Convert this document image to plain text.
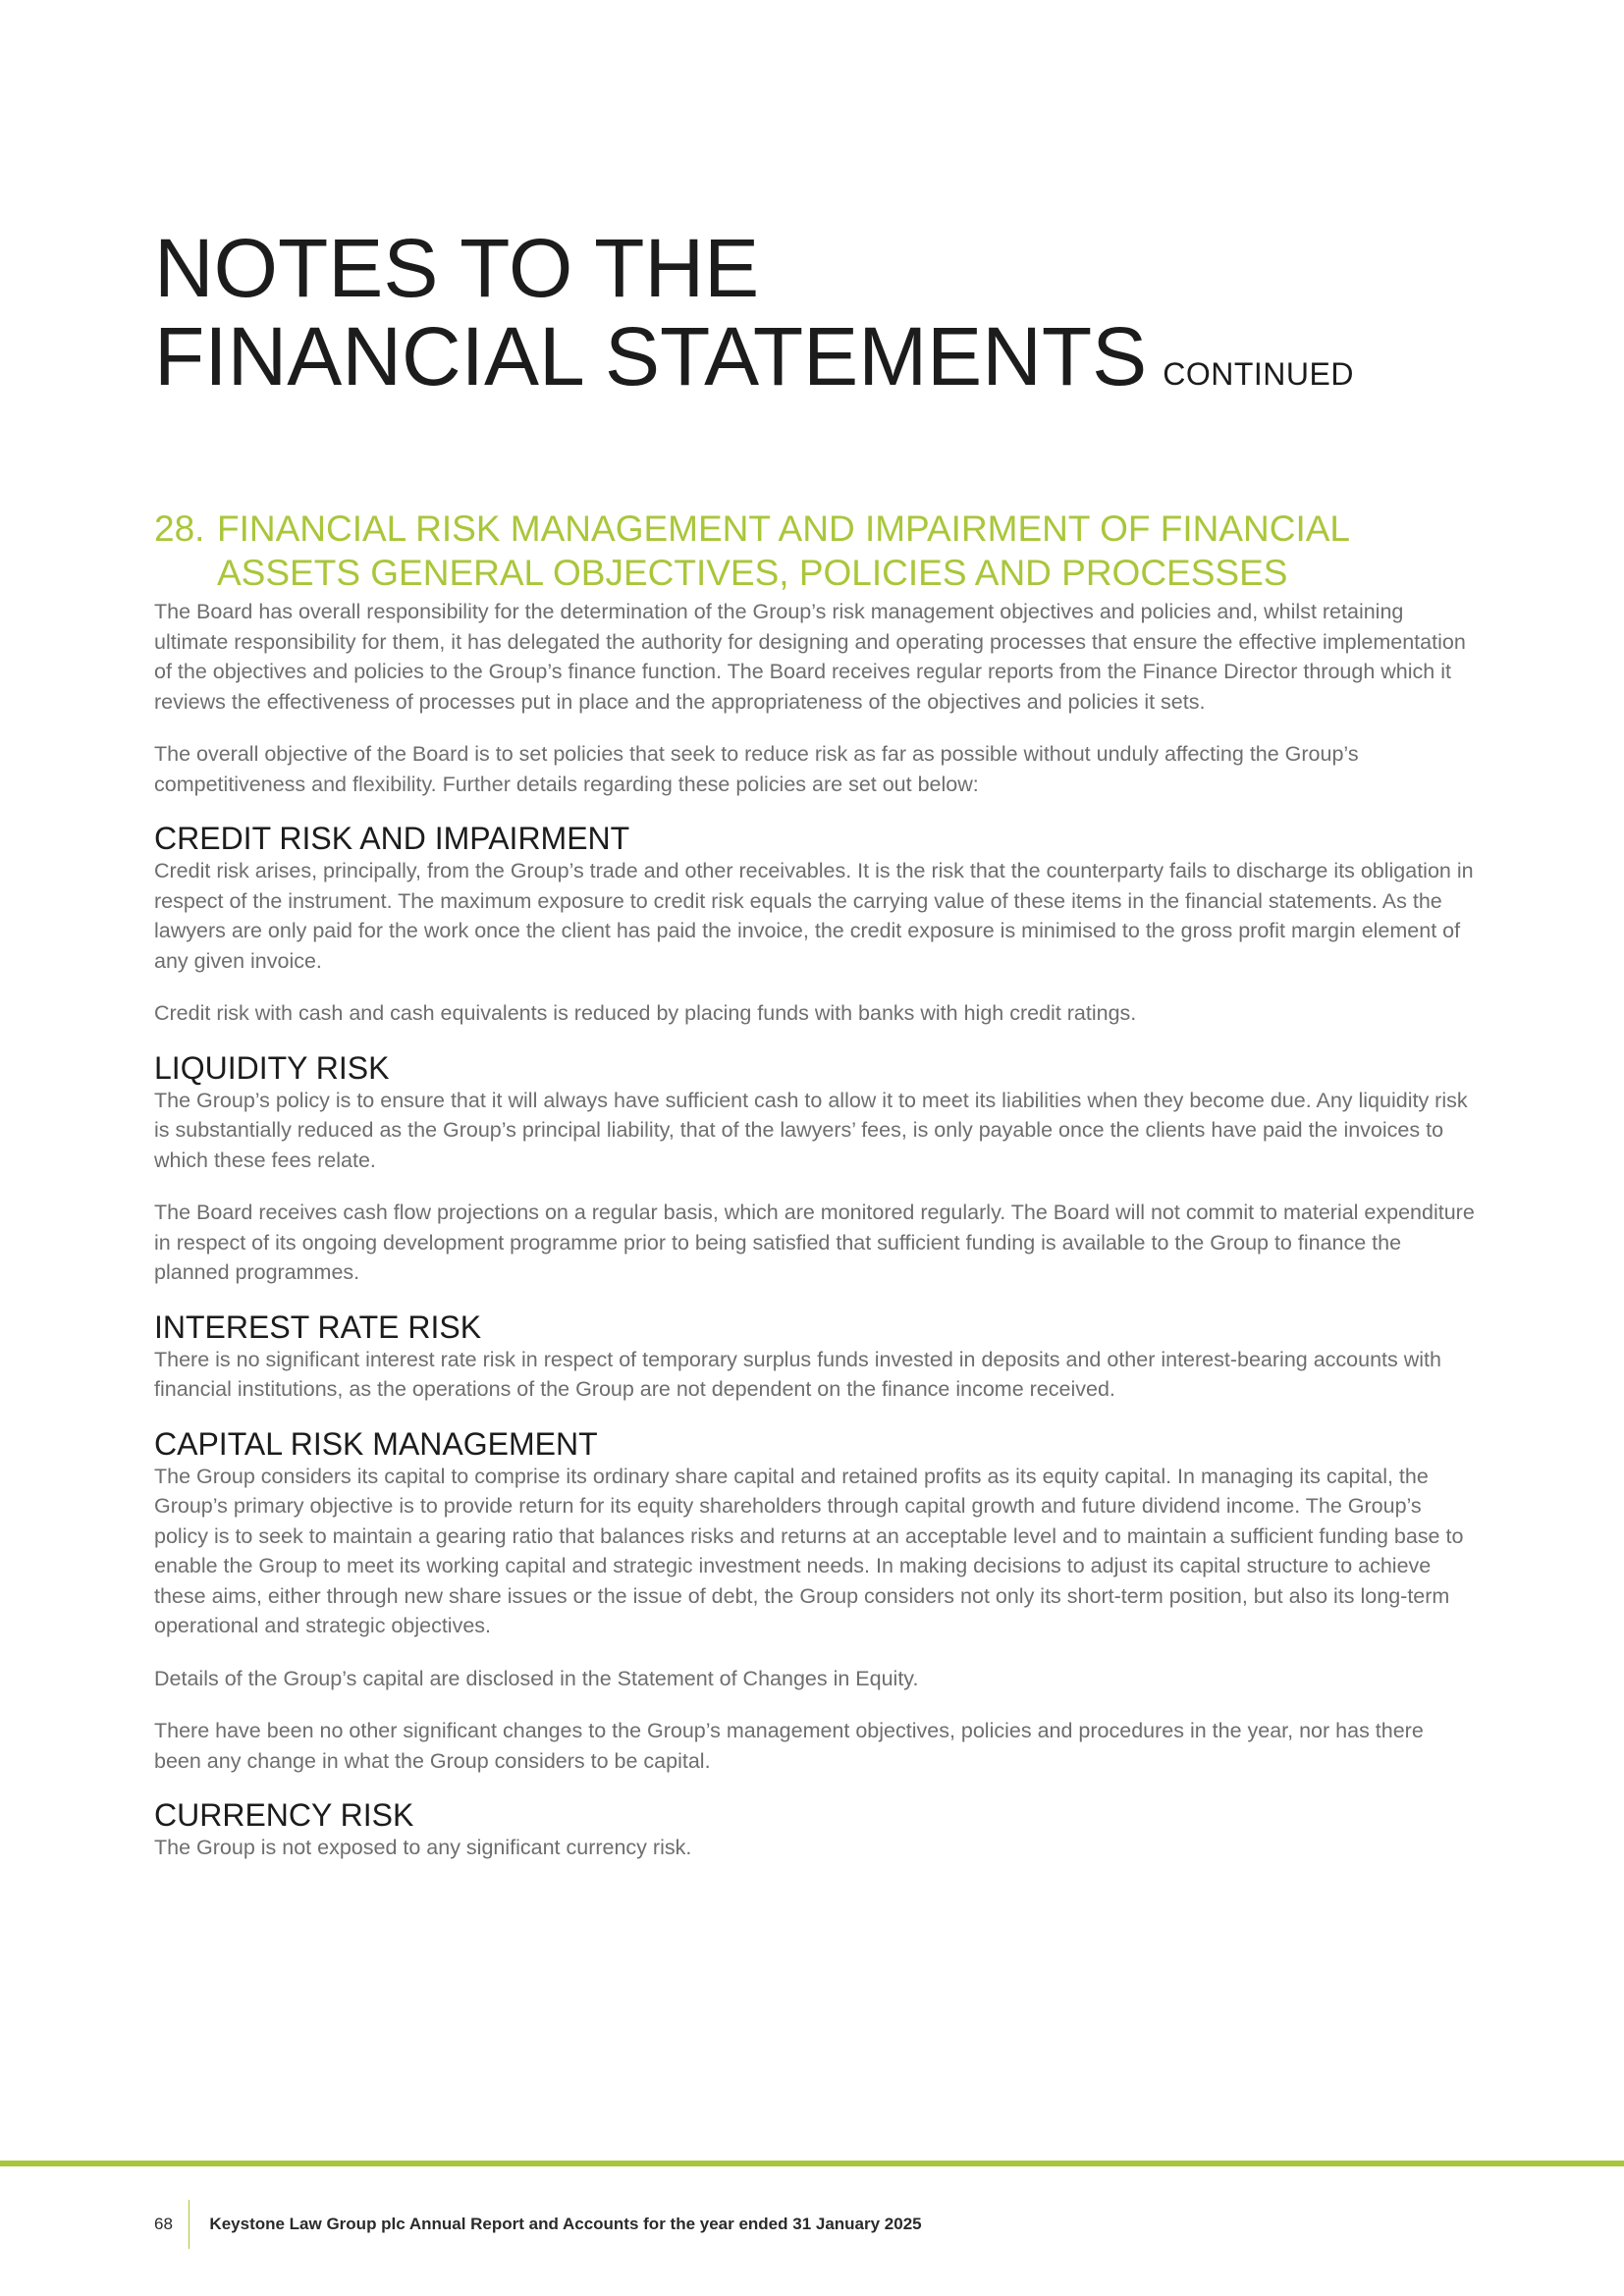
NOTES TO THE
FINANCIAL STATEMENTS CONTINUED
28. FINANCIAL RISK MANAGEMENT AND IMPAIRMENT OF FINANCIAL ASSETS GENERAL OBJECTIVES, POLICIES AND PROCESSES

The Board has overall responsibility for the determination of the Group’s risk management objectives and policies and, whilst retaining ultimate responsibility for them, it has delegated the authority for designing and operating processes that ensure the effective implementation of the objectives and policies to the Group’s finance function. The Board receives regular reports from the Finance Director through which it reviews the effectiveness of processes put in place and the appropriateness of the objectives and policies it sets.

The overall objective of the Board is to set policies that seek to reduce risk as far as possible without unduly affecting the Group’s competitiveness and flexibility. Further details regarding these policies are set out below:

CREDIT RISK AND IMPAIRMENT

Credit risk arises, principally, from the Group’s trade and other receivables. It is the risk that the counterparty fails to discharge its obligation in respect of the instrument. The maximum exposure to credit risk equals the carrying value of these items in the financial statements. As the lawyers are only paid for the work once the client has paid the invoice, the credit exposure is minimised to the gross profit margin element of any given invoice.

Credit risk with cash and cash equivalents is reduced by placing funds with banks with high credit ratings.

LIQUIDITY RISK

The Group’s policy is to ensure that it will always have sufficient cash to allow it to meet its liabilities when they become due. Any liquidity risk is substantially reduced as the Group’s principal liability, that of the lawyers’ fees, is only payable once the clients have paid the invoices to which these fees relate.

The Board receives cash flow projections on a regular basis, which are monitored regularly. The Board will not commit to material expenditure in respect of its ongoing development programme prior to being satisfied that sufficient funding is available to the Group to finance the planned programmes.

INTEREST RATE RISK

There is no significant interest rate risk in respect of temporary surplus funds invested in deposits and other interest-bearing accounts with financial institutions, as the operations of the Group are not dependent on the finance income received.

CAPITAL RISK MANAGEMENT

The Group considers its capital to comprise its ordinary share capital and retained profits as its equity capital. In managing its capital, the Group’s primary objective is to provide return for its equity shareholders through capital growth and future dividend income. The Group’s policy is to seek to maintain a gearing ratio that balances risks and returns at an acceptable level and to maintain a sufficient funding base to enable the Group to meet its working capital and strategic investment needs. In making decisions to adjust its capital structure to achieve these aims, either through new share issues or the issue of debt, the Group considers not only its short-term position, but also its long-term operational and strategic objectives.

Details of the Group’s capital are disclosed in the Statement of Changes in Equity.

There have been no other significant changes to the Group’s management objectives, policies and procedures in the year, nor has there been any change in what the Group considers to be capital.

CURRENCY RISK

The Group is not exposed to any significant currency risk.

68 Keystone Law Group plc Annual Report and Accounts for the year ended 31 January 2025
